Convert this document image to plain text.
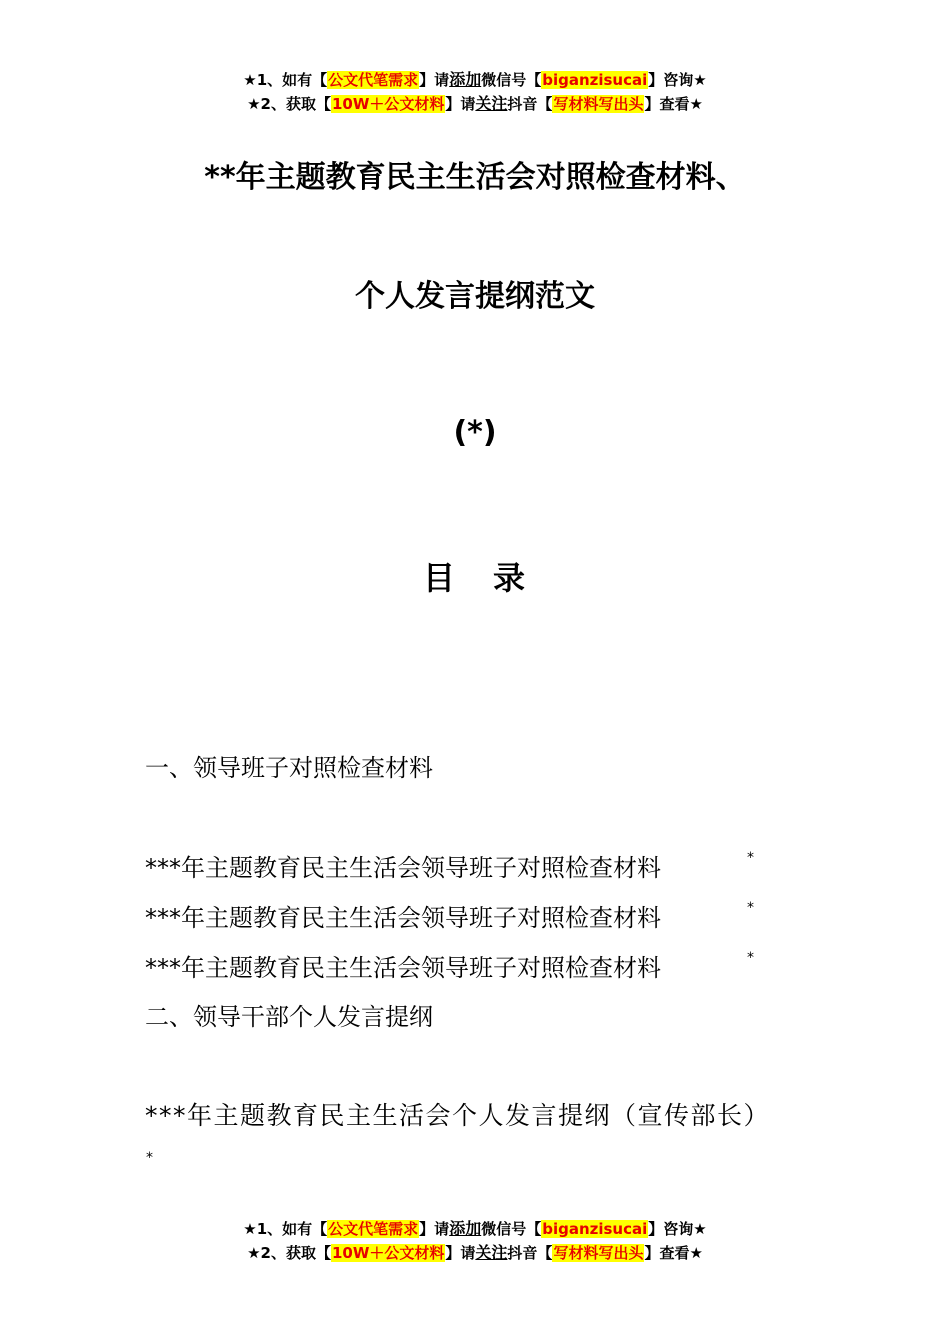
★1、如有【公文代笔需求】请添加微信号【biganzisucai】咨询★
★2、获取【10W＋公文材料】请关注抖音【写材料写出头】查看★
**年主题教育民主生活会对照检查材料、
个人发言提纲范文
(*)
目 录
一、领导班子对照检查材料
***年主题教育民主生活会领导班子对照检查材料	*
***年主题教育民主生活会领导班子对照检查材料	*
***年主题教育民主生活会领导班子对照检查材料	*
二、领导干部个人发言提纲
***年主题教育民主生活会个人发言提纲（宣传部长）
*
★1、如有【公文代笔需求】请添加微信号【biganzisucai】咨询★
★2、获取【10W＋公文材料】请关注抖音【写材料写出头】查看★
